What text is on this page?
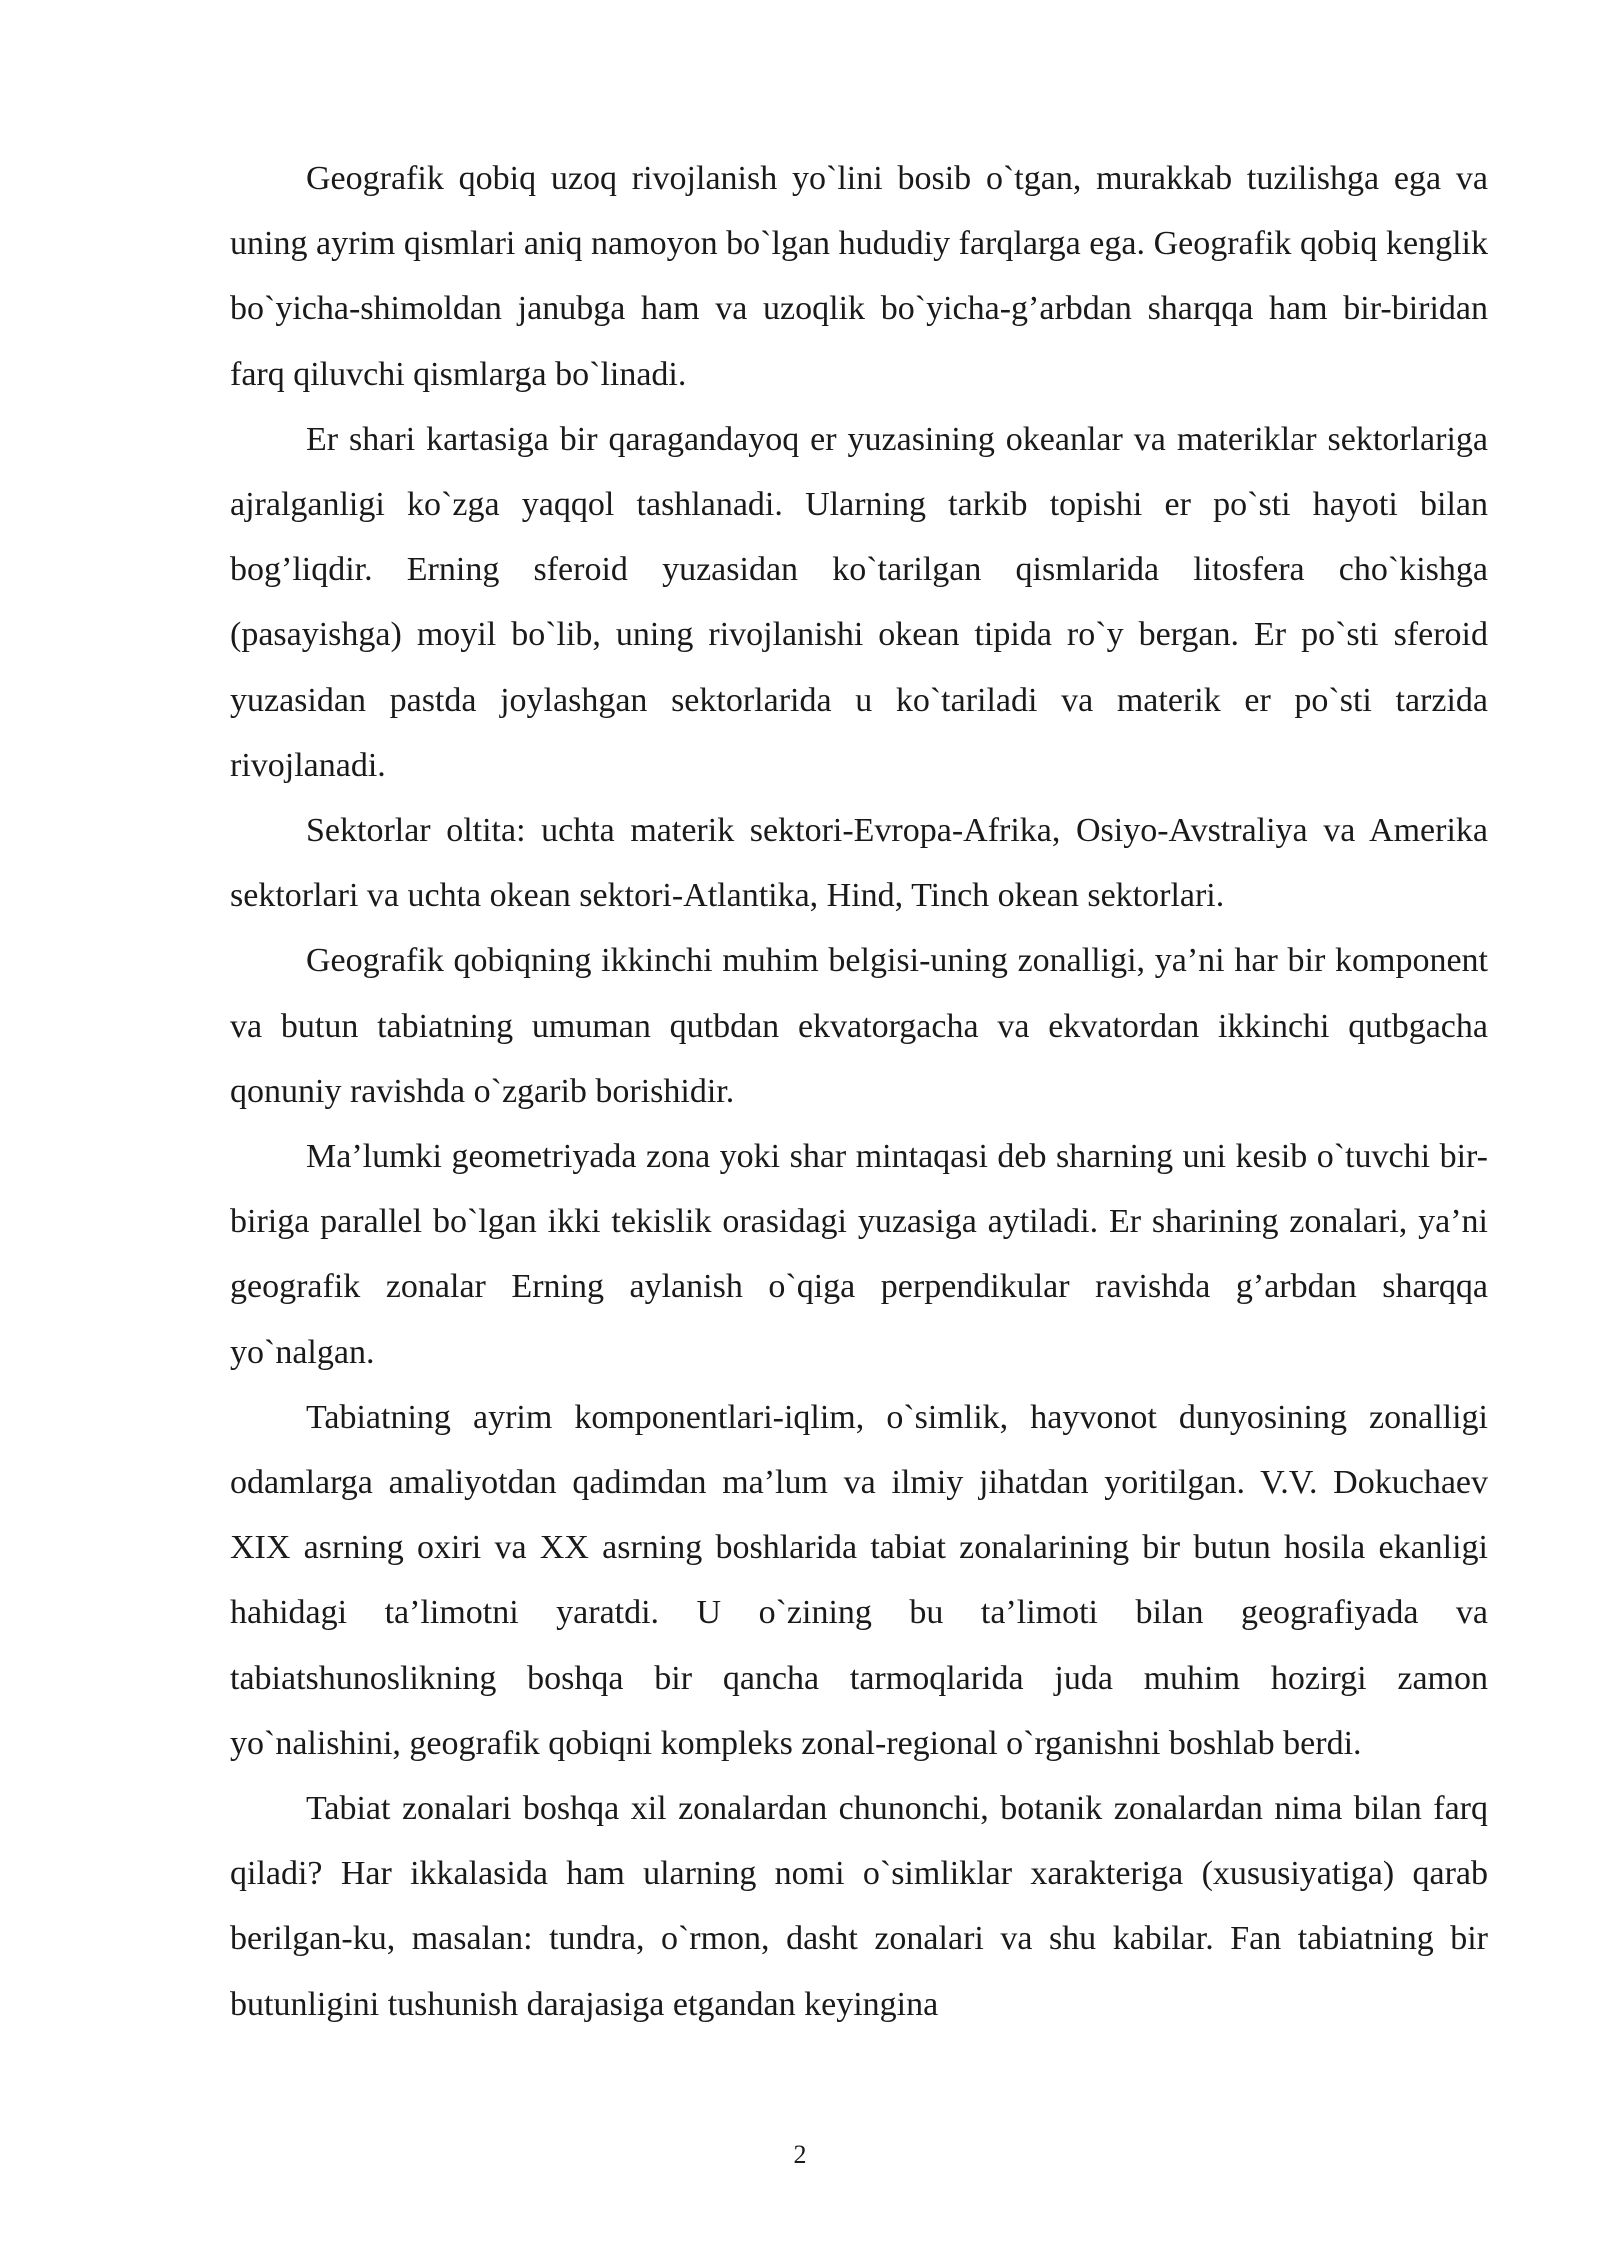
Geografik qobiq uzoq rivojlanish yo`lini bosib o`tgan, murakkab tuzilishga ega va uning ayrim qismlari aniq namoyon bo`lgan hududiy farqlarga ega. Geografik qobiq kenglik bo`yicha-shimoldan janubga ham va uzoqlik bo`yicha-g’arbdan sharqqa ham bir-biridan farq qiluvchi qismlarga bo`linadi.

Er shari kartasiga bir qaragandayoq er yuzasining okeanlar va materiklar sektorlariga ajralganligi ko`zga yaqqol tashlanadi. Ularning tarkib topishi er po`sti hayoti bilan bog’liqdir. Erning sferoid yuzasidan ko`tarilgan qismlarida litosfera cho`kishga (pasayishga) moyil bo`lib, uning rivojlanishi okean tipida ro`y bergan. Er po`sti sferoid yuzasidan pastda joylashgan sektorlarida u ko`tariladi va materik er po`sti tarzida rivojlanadi.

Sektorlar oltita: uchta materik sektori-Evropa-Afrika, Osiyo-Avstraliya va Amerika sektorlari va uchta okean sektori-Atlantika, Hind, Tinch okean sektorlari.

Geografik qobiqning ikkinchi muhim belgisi-uning zonalligi, ya’ni har bir komponent va butun tabiatning umuman qutbdan ekvatorgacha va ekvatordan ikkinchi qutbgacha qonuniy ravishda o`zgarib borishidir.

Ma’lumki geometriyada zona yoki shar mintaqasi deb sharning uni kesib o`tuvchi bir-biriga parallel bo`lgan ikki tekislik orasidagi yuzasiga aytiladi. Er sharining zonalari, ya’ni geografik zonalar Erning aylanish o`qiga perpendikular ravishda g’arbdan sharqqa yo`nalgan.

Tabiatning ayrim komponentlari-iqlim, o`simlik, hayvonot dunyosining zonalligi odamlarga amaliyotdan qadimdan ma’lum va ilmiy jihatdan yoritilgan. V.V. Dokuchaev XIX asrning oxiri va XX asrning boshlarida tabiat zonalarining bir butun hosila ekanligi hahidagi ta’limotni yaratdi. U o`zining bu ta’limoti bilan geografiyada va tabiatshunoslikning boshqa bir qancha tarmoqlarida juda muhim hozirgi zamon yo`nalishini, geografik qobiqni kompleks zonal-regional o`rganishni boshlab berdi.

Tabiat zonalari boshqa xil zonalardan chunonchi, botanik zonalardan nima bilan farq qiladi? Har ikkalasida ham ularning nomi o`simliklar xarakteriga (xususiyatiga) qarab berilgan-ku, masalan: tundra, o`rmon, dasht zonalari va shu kabilar. Fan tabiatning bir butunligini tushunish darajasiga etgandan keyingina

2
